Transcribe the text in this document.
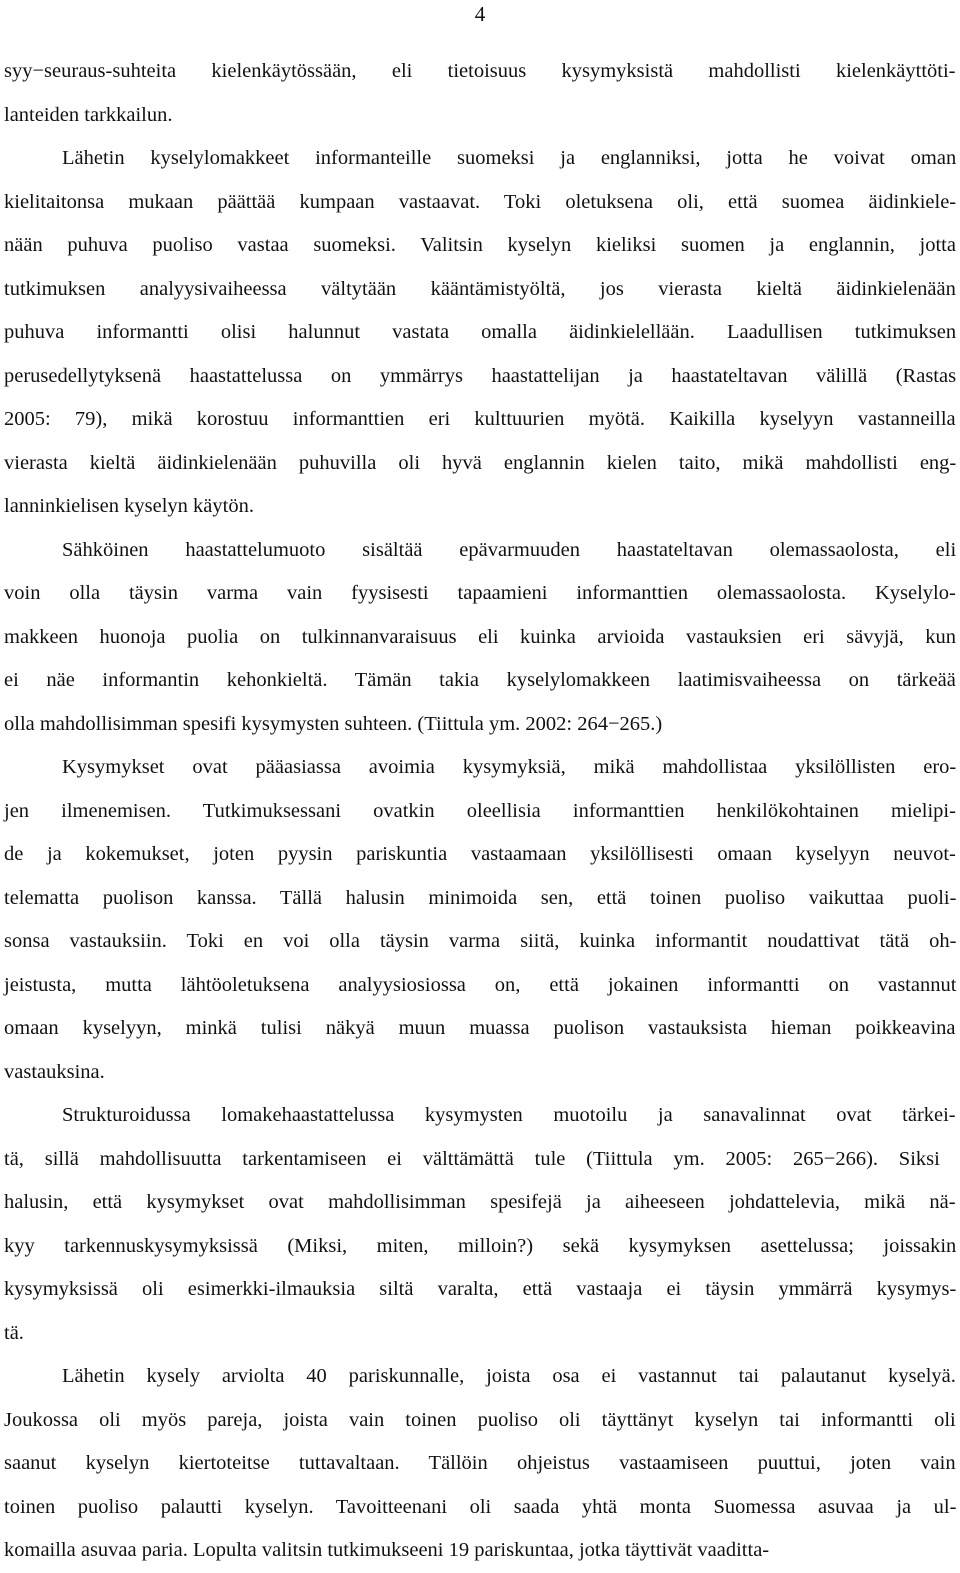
4
syy−seuraus-suhteita kielenkäytössään, eli tietoisuus kysymyksistä mahdollisti kielenkäyttöti-
lanteiden tarkkailun.
Lähetin kyselylomakkeet informanteille suomeksi ja englanniksi, jotta he voivat oman
kielitaitonsa mukaan päättää kumpaan vastaavat. Toki oletuksena oli, että suomea äidinkiele-
nään puhuva puoliso vastaa suomeksi. Valitsin kyselyn kieliksi suomen ja englannin, jotta
tutkimuksen analyysivaiheessa vältytään kääntämistyöltä, jos vierasta kieltä äidinkielenään
puhuva informantti olisi halunnut vastata omalla äidinkielellään. Laadullisen tutkimuksen
perusedellytyksenä haastattelussa on ymmärrys haastattelijan ja haastateltavan välillä (Rastas
2005: 79), mikä korostuu informanttien eri kulttuurien myötä. Kaikilla kyselyyn vastanneilla
vierasta kieltä äidinkielenään puhuvilla oli hyvä englannin kielen taito, mikä mahdollisti eng-
lanninkielisen kyselyn käytön.
Sähköinen haastattelumuoto sisältää epävarmuuden haastateltavan olemassaolosta, eli
voin olla täysin varma vain fyysisesti tapaamieni informanttien olemassaolosta. Kyselylo-
makkeen huonoja puolia on tulkinnanvaraisuus eli kuinka arvioida vastauksien eri sävyjä, kun
ei näe informantin kehonkieltä. Tämän takia kyselylomakkeen laatimisvaiheessa on tärkeää
olla mahdollisimman spesifi kysymysten suhteen. (Tiittula ym. 2002: 264−265.)
Kysymykset ovat pääasiassa avoimia kysymyksiä, mikä mahdollistaa yksilöllisten ero-
jen ilmenemisen. Tutkimuksessani ovatkin oleellisia informanttien henkilökohtainen mielipi-
de ja kokemukset, joten pyysin pariskuntia vastaamaan yksilöllisesti omaan kyselyyn neuvot-
telematta puolison kanssa. Tällä halusin minimoida sen, että toinen puoliso vaikuttaa puoli-
sonsa vastauksiin. Toki en voi olla täysin varma siitä, kuinka informantit noudattivat tätä oh-
jeistusta, mutta lähtöoletuksena analyysiosiossa on, että jokainen informantti on vastannut
omaan kyselyyn, minkä tulisi näkyä muun muassa puolison vastauksista hieman poikkeavina
vastauksina.
Strukturoidussa lomakehaastattelussa kysymysten muotoilu ja sanavalinnat ovat tärkei-
tä, sillä mahdollisuutta tarkentamiseen ei välttämättä tule (Tiittula ym. 2005: 265−266). Siksi
halusin, että kysymykset ovat mahdollisimman spesifejä ja aiheeseen johdattelevia, mikä nä-
kyy tarkennuskysymyksissä (Miksi, miten, milloin?) sekä kysymyksen asettelussa; joissakin
kysymyksissä oli esimerkki-ilmauksia siltä varalta, että vastaaja ei täysin ymmärrä kysymys-
tä.
Lähetin kysely arviolta 40 pariskunnalle, joista osa ei vastannut tai palautanut kyselyä.
Joukossa oli myös pareja, joista vain toinen puoliso oli täyttänyt kyselyn tai informantti oli
saanut kyselyn kiertoteitse tuttavaltaan. Tällöin ohjeistus vastaamiseen puuttui, joten vain
toinen puoliso palautti kyselyn. Tavoitteenani oli saada yhtä monta Suomessa asuvaa ja ul-
komailla asuvaa paria. Lopulta valitsin tutkimukseeni 19 pariskuntaa, jotka täyttivät vaadittа-
